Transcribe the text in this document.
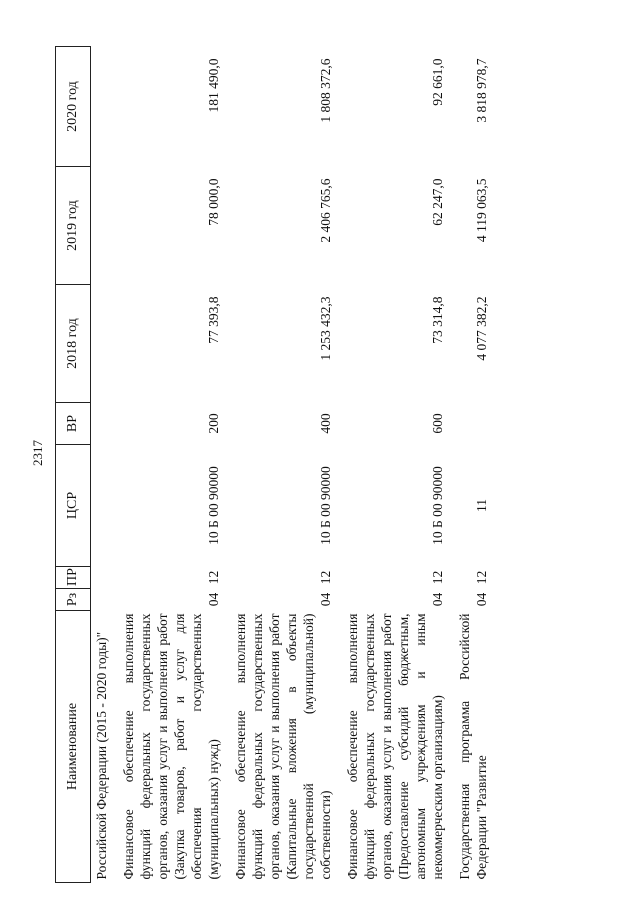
2317
Наименование	Рз	ПР	ЦСР	ВР	2018 год	2019 год	2020 год
Российской Федерации (2015 - 2020 годы)"							
Финансовое обеспечение выполнения функций федеральных государственных органов, оказания услуг и выполнения работ (Закупка товаров, работ и услуг для обеспечения государственных (муниципальных) нужд)	04	12	10 Б 00 90000	200	77 393,8	78 000,0	181 490,0
Финансовое обеспечение выполнения функций федеральных государственных органов, оказания услуг и выполнения работ (Капитальные вложения в объекты государственной (муниципальной) собственности)	04	12	10 Б 00 90000	400	1 253 432,3	2 406 765,6	1 808 372,6
Финансовое обеспечение выполнения функций федеральных государственных органов, оказания услуг и выполнения работ (Предоставление субсидий бюджетным, автономным учреждениям и иным некоммерческим организациям)	04	12	10 Б 00 90000	600	73 314,8	62 247,0	92 661,0
Государственная программа Российской Федерации "Развитие	04	12	11		4 077 382,2	4 119 063,5	3 818 978,7
